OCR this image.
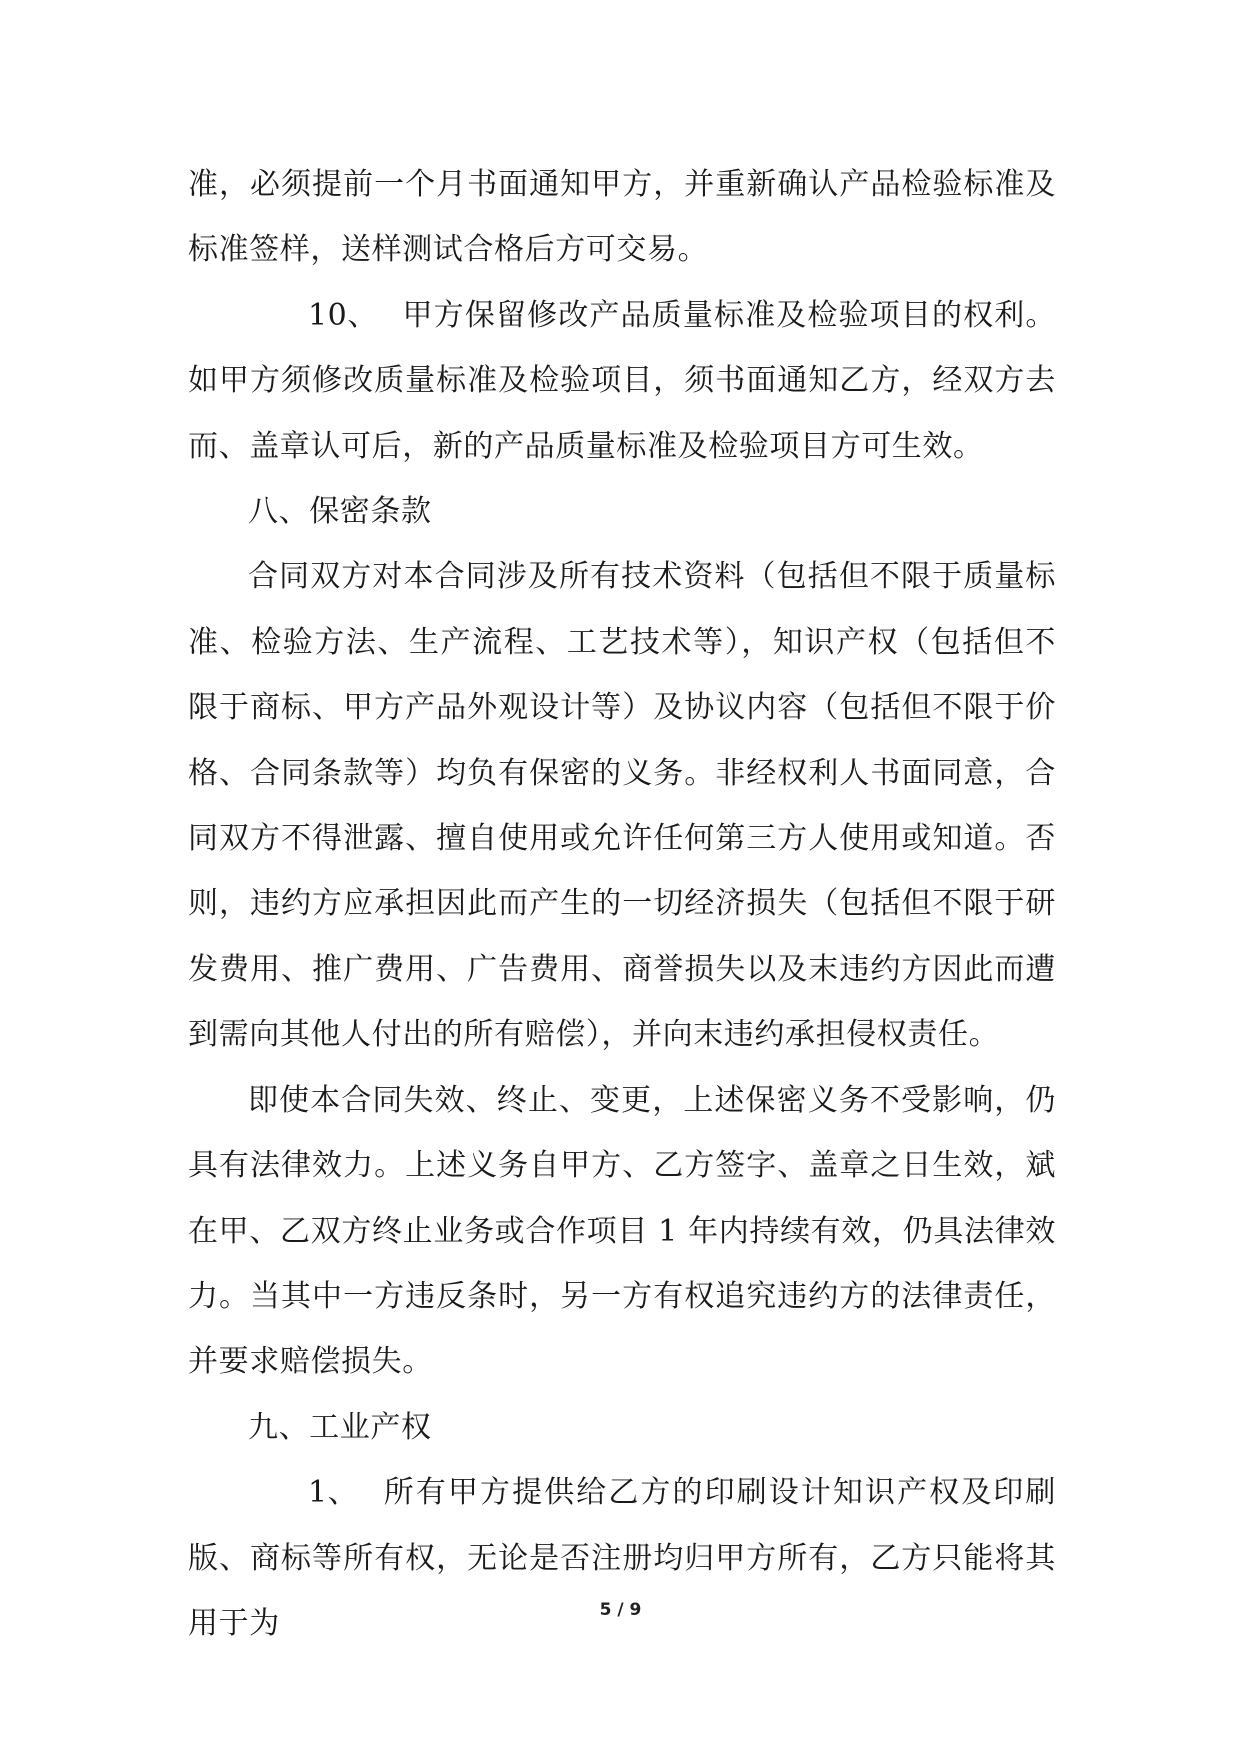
准，必须提前一个月书面通知甲方，并重新确认产品检验标准及标准签样，送样测试合格后方可交易。

10、 甲方保留修改产品质量标准及检验项目的权利。如甲方须修改质量标准及检验项目，须书面通知乙方，经双方去而、盖章认可后，新的产品质量标准及检验项目方可生效。

八、保密条款

合同双方对本合同涉及所有技术资料（包括但不限于质量标准、检验方法、生产流程、工艺技术等），知识产权（包括但不限于商标、甲方产品外观设计等）及协议内容（包括但不限于价格、合同条款等）均负有保密的义务。非经权利人书面同意，合同双方不得泄露、擅自使用或允许任何第三方人使用或知道。否则，违约方应承担因此而产生的一切经济损失（包括但不限于研发费用、推广费用、广告费用、商誉损失以及末违约方因此而遭到需向其他人付出的所有赔偿），并向末违约承担侵权责任。

即使本合同失效、终止、变更，上述保密义务不受影响，仍具有法律效力。上述义务自甲方、乙方签字、盖章之日生效，斌在甲、乙双方终止业务或合作项目 1 年内持续有效，仍具法律效力。当其中一方违反条时，另一方有权追究违约方的法律责任，并要求赔偿损失。

九、工业产权

1、 所有甲方提供给乙方的印刷设计知识产权及印刷版、商标等所有权，无论是否注册均归甲方所有，乙方只能将其用于为	5 / 9
